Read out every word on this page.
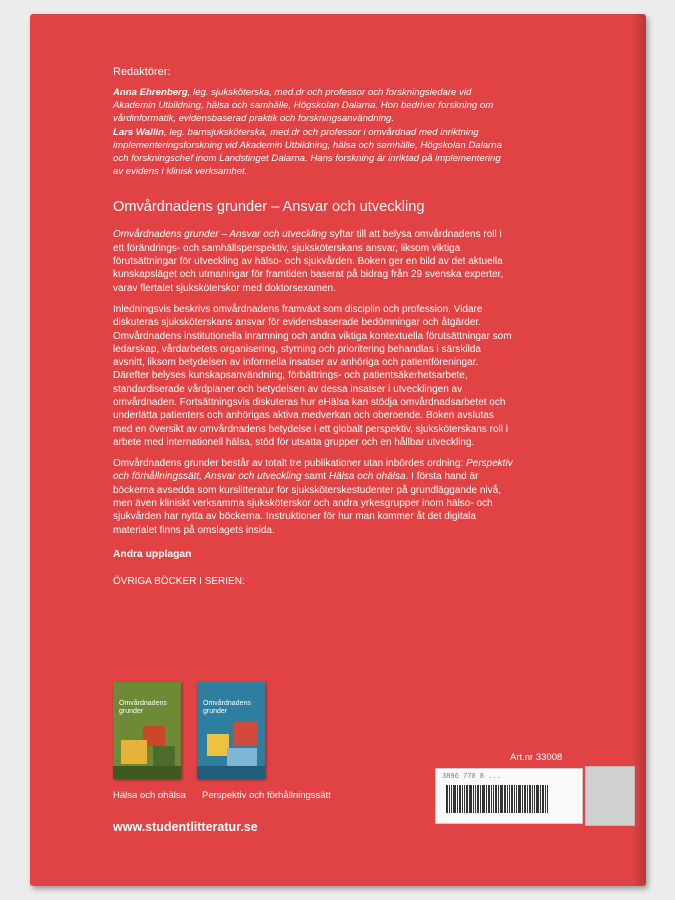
Redaktörer:

Anna Ehrenberg, leg. sjuksköterska, med.dr och professor och forskningsledare vid Akademin Utbildning, hälsa och samhälle, Högskolan Dalarna. Hon bedriver forskning om vårdinformatik, evidensbaserad praktik och forskningsanvändning.

Lars Wallin, leg. barnsjuksköterska, med.dr och professor i omvårdnad med inriktning implementeringsforskning vid Akademin Utbildning, hälsa och samhälle, Högskolan Dalarna och forskningschef inom Landstinget Dalarna. Hans forskning är inriktad på implementering av evidens i klinisk verksamhet.

Omvårdnadens grunder – Ansvar och utveckling
Omvårdnadens grunder – Ansvar och utveckling syftar till att belysa omvårdnadens roll i ett förändrings- och samhällsperspektiv, sjuksköterskans ansvar, liksom viktiga förutsättningar för utveckling av hälso- och sjukvården. Boken ger en bild av det aktuella kunskapsläget och utmaningar för framtiden baserat på bidrag från 29 svenska experter, varav flertalet sjuksköterskor med doktorsexamen.
Inledningsvis beskrivs omvårdnadens framväxt som disciplin och profession. Vidare diskuteras sjuksköterskans ansvar för evidensbaserade bedömningar och åtgärder. Omvårdnadens institutionella inramning och andra viktiga kontextuella förutsättningar som ledarskap, vårdarbetets organisering, styrning och prioritering behandlas i särskilda avsnitt, liksom betydelsen av informella insatser av anhöriga och patientföreningar. Därefter belyses kunskapsanvändning, förbättrings- och patientsäkerhetsarbete, standardiserade vårdplaner och betydelsen av dessa insatser i utvecklingen av omvårdnaden. Fortsättningsvis diskuteras hur eHälsa kan stödja omvårdnadsarbetet och underlätta patienters och anhörigas aktiva medverkan och oberoende. Boken avslutas med en översikt av omvårdnadens betydelse i ett globalt perspektiv, sjuksköterskans roll i arbete med internationell hälsa, stöd för utsatta grupper och en hållbar utveckling.
Omvårdnadens grunder består av totalt tre publikationer utan inbördes ordning: Perspektiv och förhållningssätt, Ansvar och utveckling samt Hälsa och ohälsa. I första hand är böckerna avsedda som kurslitteratur för sjuksköterskestudenter på grundläggande nivå, men även kliniskt verksamma sjuksköterskor och andra yrkesgrupper inom hälso- och sjukvården har nytta av böckerna. Instruktioner för hur man kommer åt det digitala materialet finns på omslagets insida.
Andra upplagan
ÖVRIGA BÖCKER I SERIEN:
Omvårdnadens grunder
Omvårdnadens grunder
Hälsa och ohälsa Perspektiv och förhållningssätt
www.studentlitteratur.se
Art.nr 33008
3896 770 8 ...
